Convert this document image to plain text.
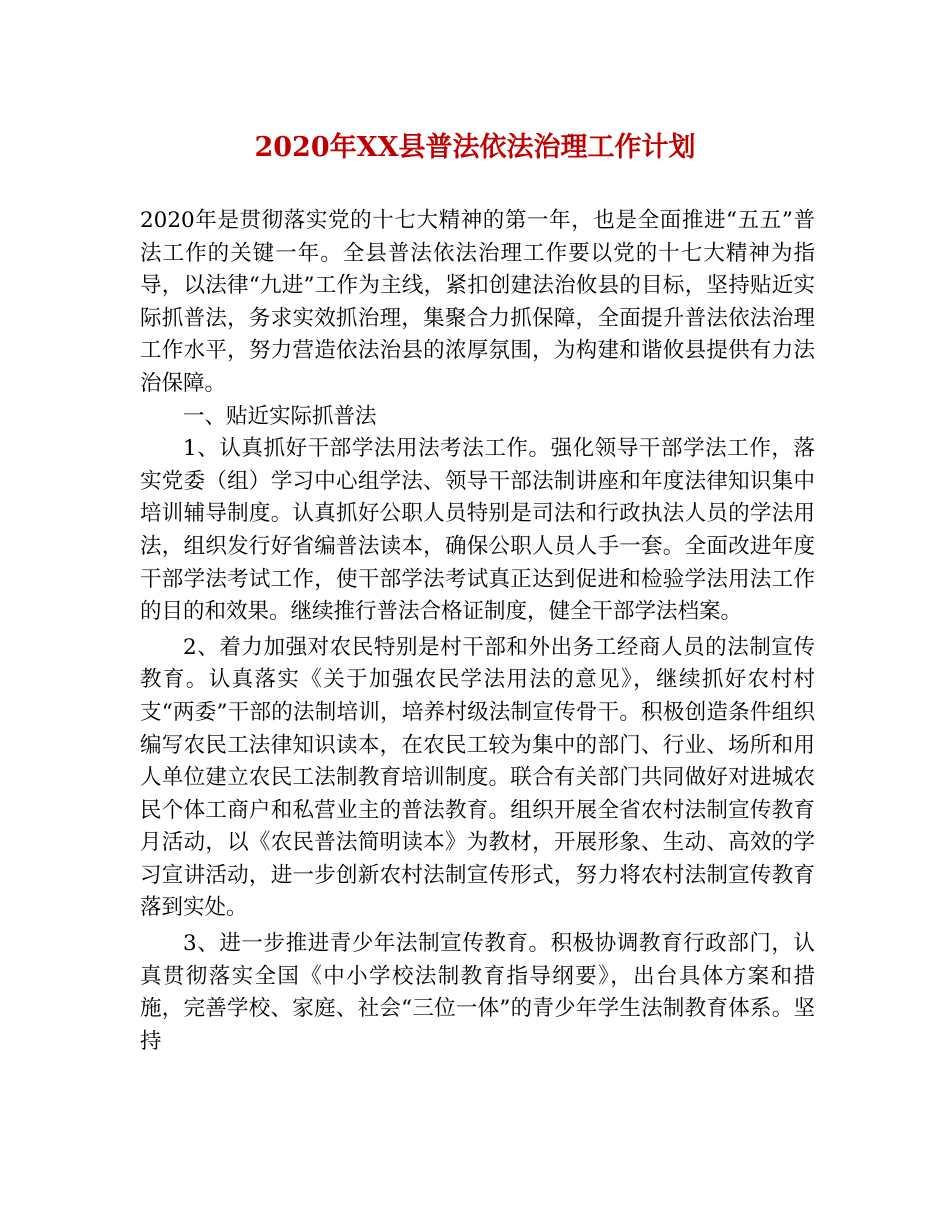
2020年XX县普法依法治理工作计划

2020年是贯彻落实党的十七大精神的第一年，也是全面推进“五五”普法工作的关键一年。全县普法依法治理工作要以党的十七大精神为指导，以法律“九进”工作为主线，紧扣创建法治攸县的目标，坚持贴近实际抓普法，务求实效抓治理，集聚合力抓保障，全面提升普法依法治理工作水平，努力营造依法治县的浓厚氛围，为构建和谐攸县提供有力法治保障。

一、贴近实际抓普法

1、认真抓好干部学法用法考法工作。强化领导干部学法工作，落实党委（组）学习中心组学法、领导干部法制讲座和年度法律知识集中培训辅导制度。认真抓好公职人员特别是司法和行政执法人员的学法用法，组织发行好省编普法读本，确保公职人员人手一套。全面改进年度干部学法考试工作，使干部学法考试真正达到促进和检验学法用法工作的目的和效果。继续推行普法合格证制度，健全干部学法档案。

2、着力加强对农民特别是村干部和外出务工经商人员的法制宣传教育。认真落实《关于加强农民学法用法的意见》，继续抓好农村村支“两委”干部的法制培训，培养村级法制宣传骨干。积极创造条件组织编写农民工法律知识读本，在农民工较为集中的部门、行业、场所和用人单位建立农民工法制教育培训制度。联合有关部门共同做好对进城农民个体工商户和私营业主的普法教育。组织开展全省农村法制宣传教育月活动，以《农民普法简明读本》为教材，开展形象、生动、高效的学习宣讲活动，进一步创新农村法制宣传形式，努力将农村法制宣传教育落到实处。

3、进一步推进青少年法制宣传教育。积极协调教育行政部门，认真贯彻落实全国《中小学校法制教育指导纲要》，出台具体方案和措施，完善学校、家庭、社会“三位一体”的青少年学生法制教育体系。坚持
